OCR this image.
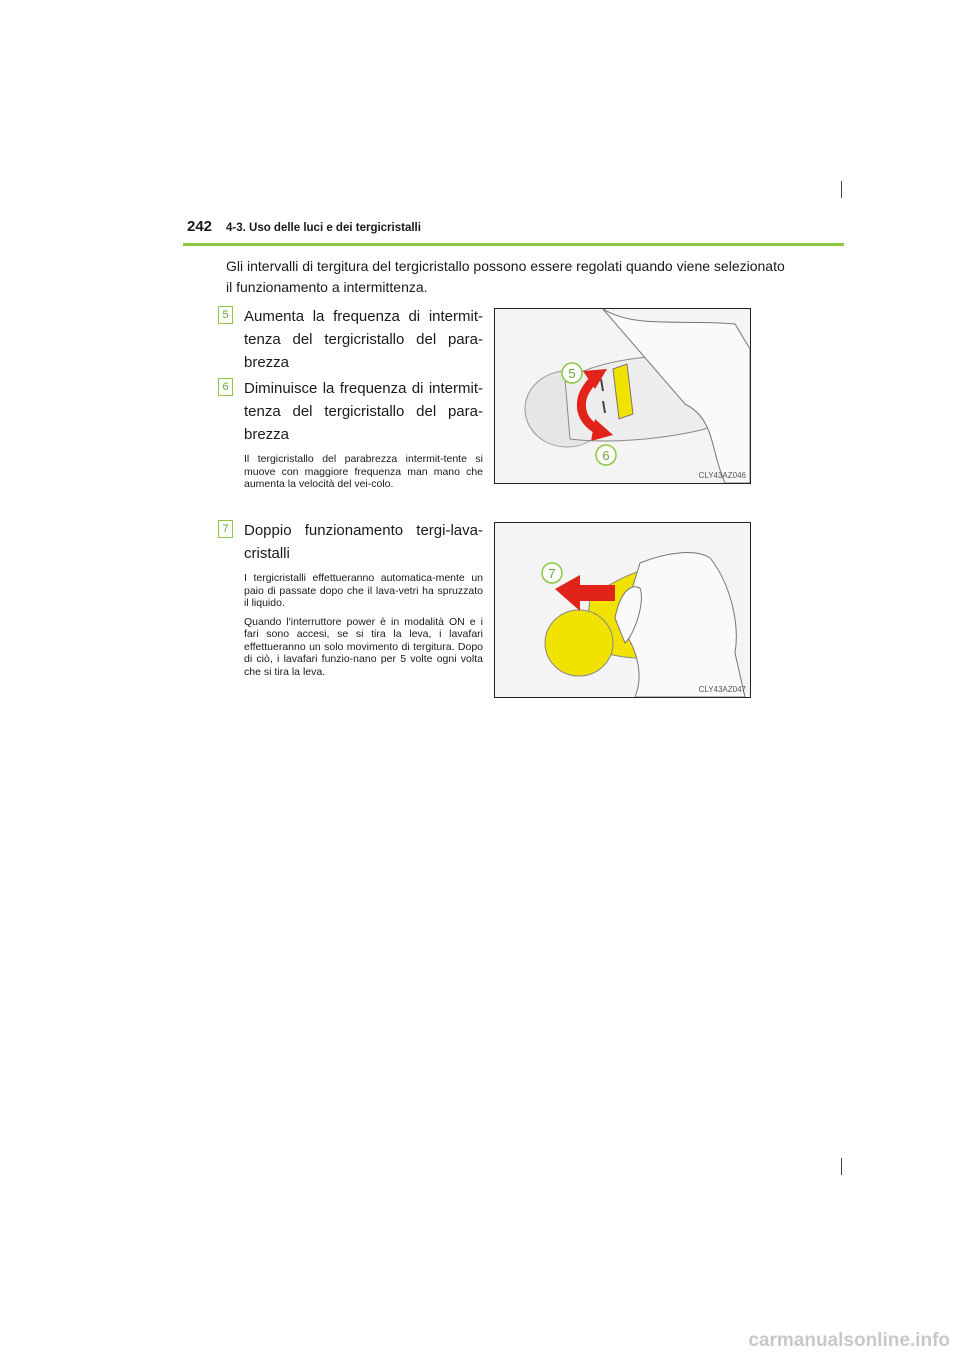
242 4-3. Uso delle luci e dei tergicristalli
Gli intervalli di tergitura del tergicristallo possono essere regolati quando viene selezionato il funzionamento a intermittenza.
5 Aumenta la frequenza di intermit-tenza del tergicristallo del para-brezza
6 Diminuisce la frequenza di intermit-tenza del tergicristallo del para-brezza
Il tergicristallo del parabrezza intermit-tente si muove con maggiore frequenza man mano che aumenta la velocità del vei-colo.
7 Doppio funzionamento tergi-lava-cristalli
I tergicristalli effettueranno automatica-mente un paio di passate dopo che il lava-vetri ha spruzzato il liquido.
Quando l'interruttore power è in modalità ON e i fari sono accesi, se si tira la leva, i lavafari effettueranno un solo movimento di tergitura. Dopo di ciò, i lavafari funzio-nano per 5 volte ogni volta che si tira la leva.
5
6
CLY43AZ046
7
CLY43AZ047
carmanualsonline.info
